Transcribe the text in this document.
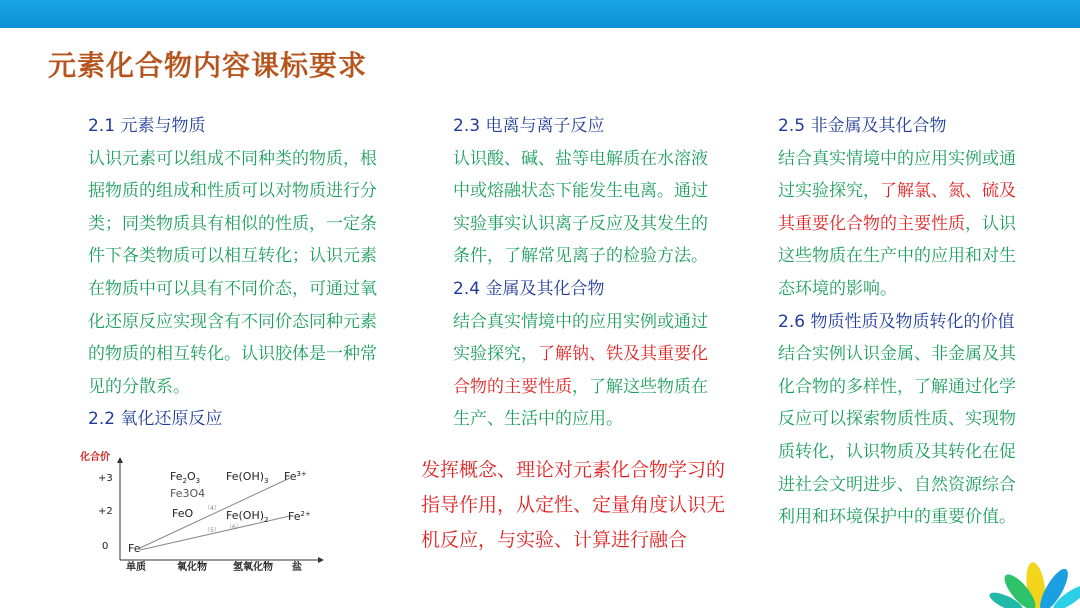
元素化合物内容课标要求
2.1 元素与物质
认识元素可以组成不同种类的物质，根
据物质的组成和性质可以对物质进行分
类；同类物质具有相似的性质，一定条
件下各类物质可以相互转化；认识元素
在物质中可以具有不同价态，可通过氧
化还原反应实现含有不同价态同种元素
的物质的相互转化。认识胶体是一种常
见的分散系。
2.2 氧化还原反应
2.3 电离与离子反应
认识酸、碱、盐等电解质在水溶液
中或熔融状态下能发生电离。通过
实验事实认识离子反应及其发生的
条件，了解常见离子的检验方法。
2.4 金属及其化合物
结合真实情境中的应用实例或通过
实验探究，了解钠、铁及其重要化
合物的主要性质，了解这些物质在
生产、生活中的应用。
2.5 非金属及其化合物
结合真实情境中的应用实例或通
过实验探究，了解氯、氮、硫及
其重要化合物的主要性质，认识
这些物质在生产中的应用和对生
态环境的影响。
2.6 物质性质及物质转化的价值
结合实例认识金属、非金属及其
化合物的多样性，了解通过化学
反应可以探索物质性质、实现物
质转化，认识物质及其转化在促
进社会文明进步、自然资源综合
利用和环境保护中的重要价值。
发挥概念、理论对元素化合物学习的
指导作用，从定性、定量角度认识无
机反应，与实验、计算进行融合
化合价
+3
+2
0
单质	氧化物	氢氧化物 盐
Fe
$Fe_2O_3$
Fe3O4
$Fe(OH)_3$ $Fe^{3+}$
FeO	$Fe(OH)_2$ $Fe^{2+}$
（4）
（5） （6）
